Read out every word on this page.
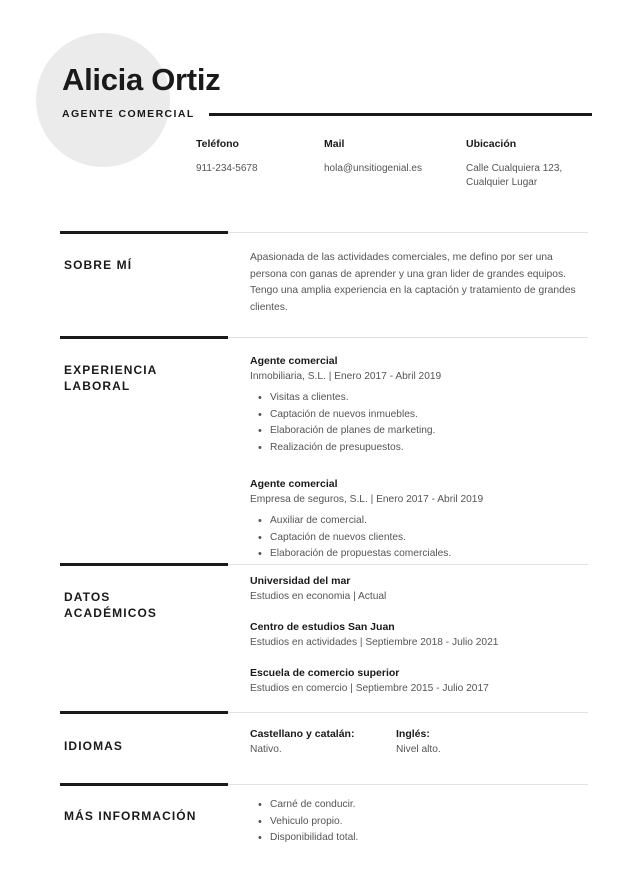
Alicia Ortiz
AGENTE COMERCIAL
Teléfono
911-234-5678
Mail
hola@unsitiogenial.es
Ubicación
Calle Cualquiera 123, Cualquier Lugar
SOBRE MÍ
Apasionada de las actividades comerciales, me defino por ser una persona con ganas de aprender y una gran lider de grandes equipos. Tengo una amplia experiencia en la captación y tratamiento de grandes clientes.
EXPERIENCIA
LABORAL
Agente comercial
Inmobiliaria, S.L. | Enero 2017 - Abril 2019
• Visitas a clientes.
• Captación de nuevos inmuebles.
• Elaboración de planes de marketing.
• Realización de presupuestos.
Agente comercial
Empresa de seguros, S.L. | Enero 2017 - Abril 2019
• Auxiliar de comercial.
• Captación de nuevos clientes.
• Elaboración de propuestas comerciales.
DATOS
ACADÉMICOS
Universidad del mar
Estudios en economia | Actual
Centro de estudios San Juan
Estudios en actividades | Septiembre 2018 - Julio 2021
Escuela de comercio superior
Estudios en comercio | Septiembre 2015 - Julio 2017
IDIOMAS
Castellano y catalán:
Nativo.
Inglés:
Nivel alto.
MÁS INFORMACIÓN
• Carné de conducir.
• Vehiculo propio.
• Disponibilidad total.
